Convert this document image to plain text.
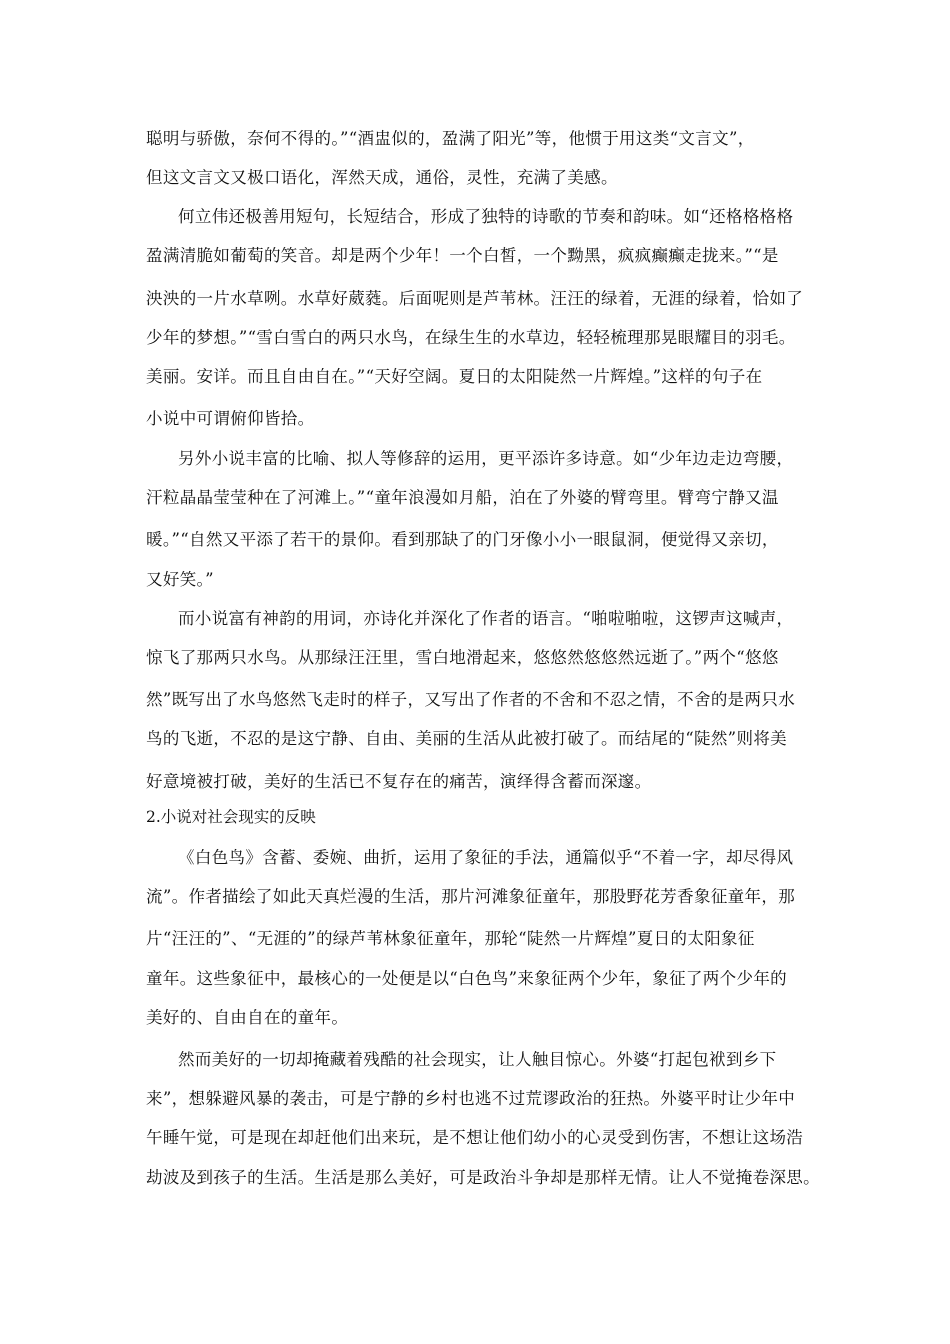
聪明与骄傲，奈何不得的。”“酒盅似的，盈满了阳光”等，他惯于用这类“文言文”，
但这文言文又极口语化，浑然天成，通俗，灵性，充满了美感。
何立伟还极善用短句，长短结合，形成了独特的诗歌的节奏和韵味。如“还格格格格
盈满清脆如葡萄的笑音。却是两个少年！一个白皙，一个黝黑，疯疯癫癫走拢来。”“是
泱泱的一片水草咧。水草好葳蕤。后面呢则是芦苇林。汪汪的绿着，无涯的绿着，恰如了
少年的梦想。”“雪白雪白的两只水鸟，在绿生生的水草边，轻轻梳理那晃眼耀目的羽毛。
美丽。安详。而且自由自在。”“天好空阔。夏日的太阳陡然一片辉煌。”这样的句子在
小说中可谓俯仰皆拾。
另外小说丰富的比喻、拟人等修辞的运用，更平添许多诗意。如“少年边走边弯腰，
汗粒晶晶莹莹种在了河滩上。”“童年浪漫如月船，泊在了外婆的臂弯里。臂弯宁静又温
暖。”“自然又平添了若干的景仰。看到那缺了的门牙像小小一眼鼠洞，便觉得又亲切，
又好笑。”
而小说富有神韵的用词，亦诗化并深化了作者的语言。“啪啦啪啦，这锣声这喊声，
惊飞了那两只水鸟。从那绿汪汪里，雪白地滑起来，悠悠然悠悠然远逝了。”两个“悠悠
然”既写出了水鸟悠然飞走时的样子，又写出了作者的不舍和不忍之情，不舍的是两只水
鸟的飞逝，不忍的是这宁静、自由、美丽的生活从此被打破了。而结尾的“陡然”则将美
好意境被打破，美好的生活已不复存在的痛苦，演绎得含蓄而深邃。
2.小说对社会现实的反映
《白色鸟》含蓄、委婉、曲折，运用了象征的手法，通篇似乎“不着一字，却尽得风
流”。作者描绘了如此天真烂漫的生活，那片河滩象征童年，那股野花芳香象征童年，那
片“汪汪的”、“无涯的”的绿芦苇林象征童年，那轮“陡然一片辉煌”夏日的太阳象征
童年。这些象征中，最核心的一处便是以“白色鸟”来象征两个少年，象征了两个少年的
美好的、自由自在的童年。
然而美好的一切却掩藏着残酷的社会现实，让人触目惊心。外婆“打起包袱到乡下
来”，想躲避风暴的袭击，可是宁静的乡村也逃不过荒谬政治的狂热。外婆平时让少年中
午睡午觉，可是现在却赶他们出来玩，是不想让他们幼小的心灵受到伤害，不想让这场浩
劫波及到孩子的生活。生活是那么美好，可是政治斗争却是那样无情。让人不觉掩卷深思。
